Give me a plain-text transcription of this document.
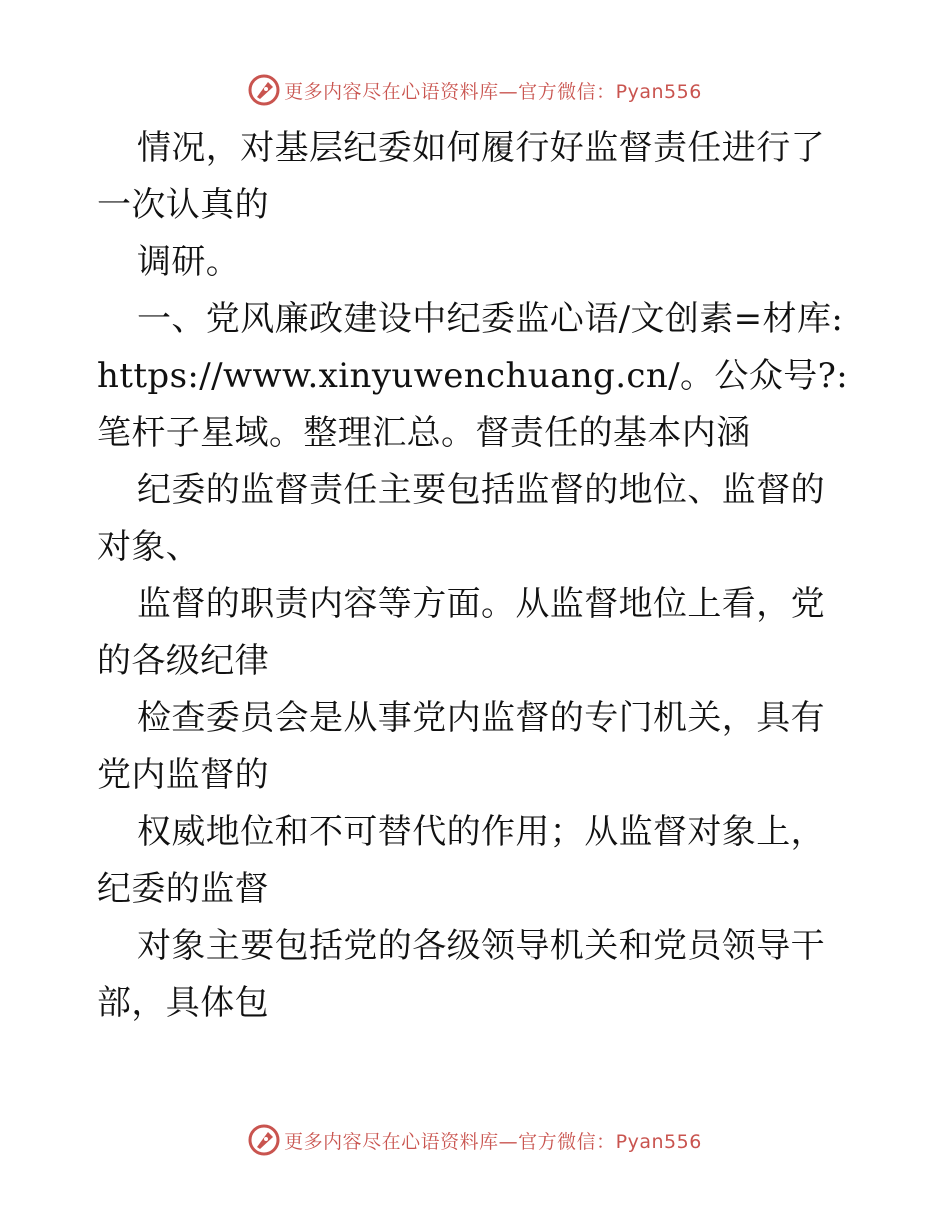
更多内容尽在心语资料库—官方微信：Pyan556

情况，对基层纪委如何履行好监督责任进行了一次认真的

调研。

一、党风廉政建设中纪委监心语/文创素=材库: https://www.xinyuwenchuang.cn/。公众号?: 笔杆子星域。整理汇总。督责任的基本内涵

纪委的监督责任主要包括监督的地位、监督的对象、

监督的职责内容等方面。从监督地位上看，党的各级纪律

检查委员会是从事党内监督的专门机关，具有党内监督的

权威地位和不可替代的作用；从监督对象上，纪委的监督

对象主要包括党的各级领导机关和党员领导干部，具体包

更多内容尽在心语资料库—官方微信：Pyan556
